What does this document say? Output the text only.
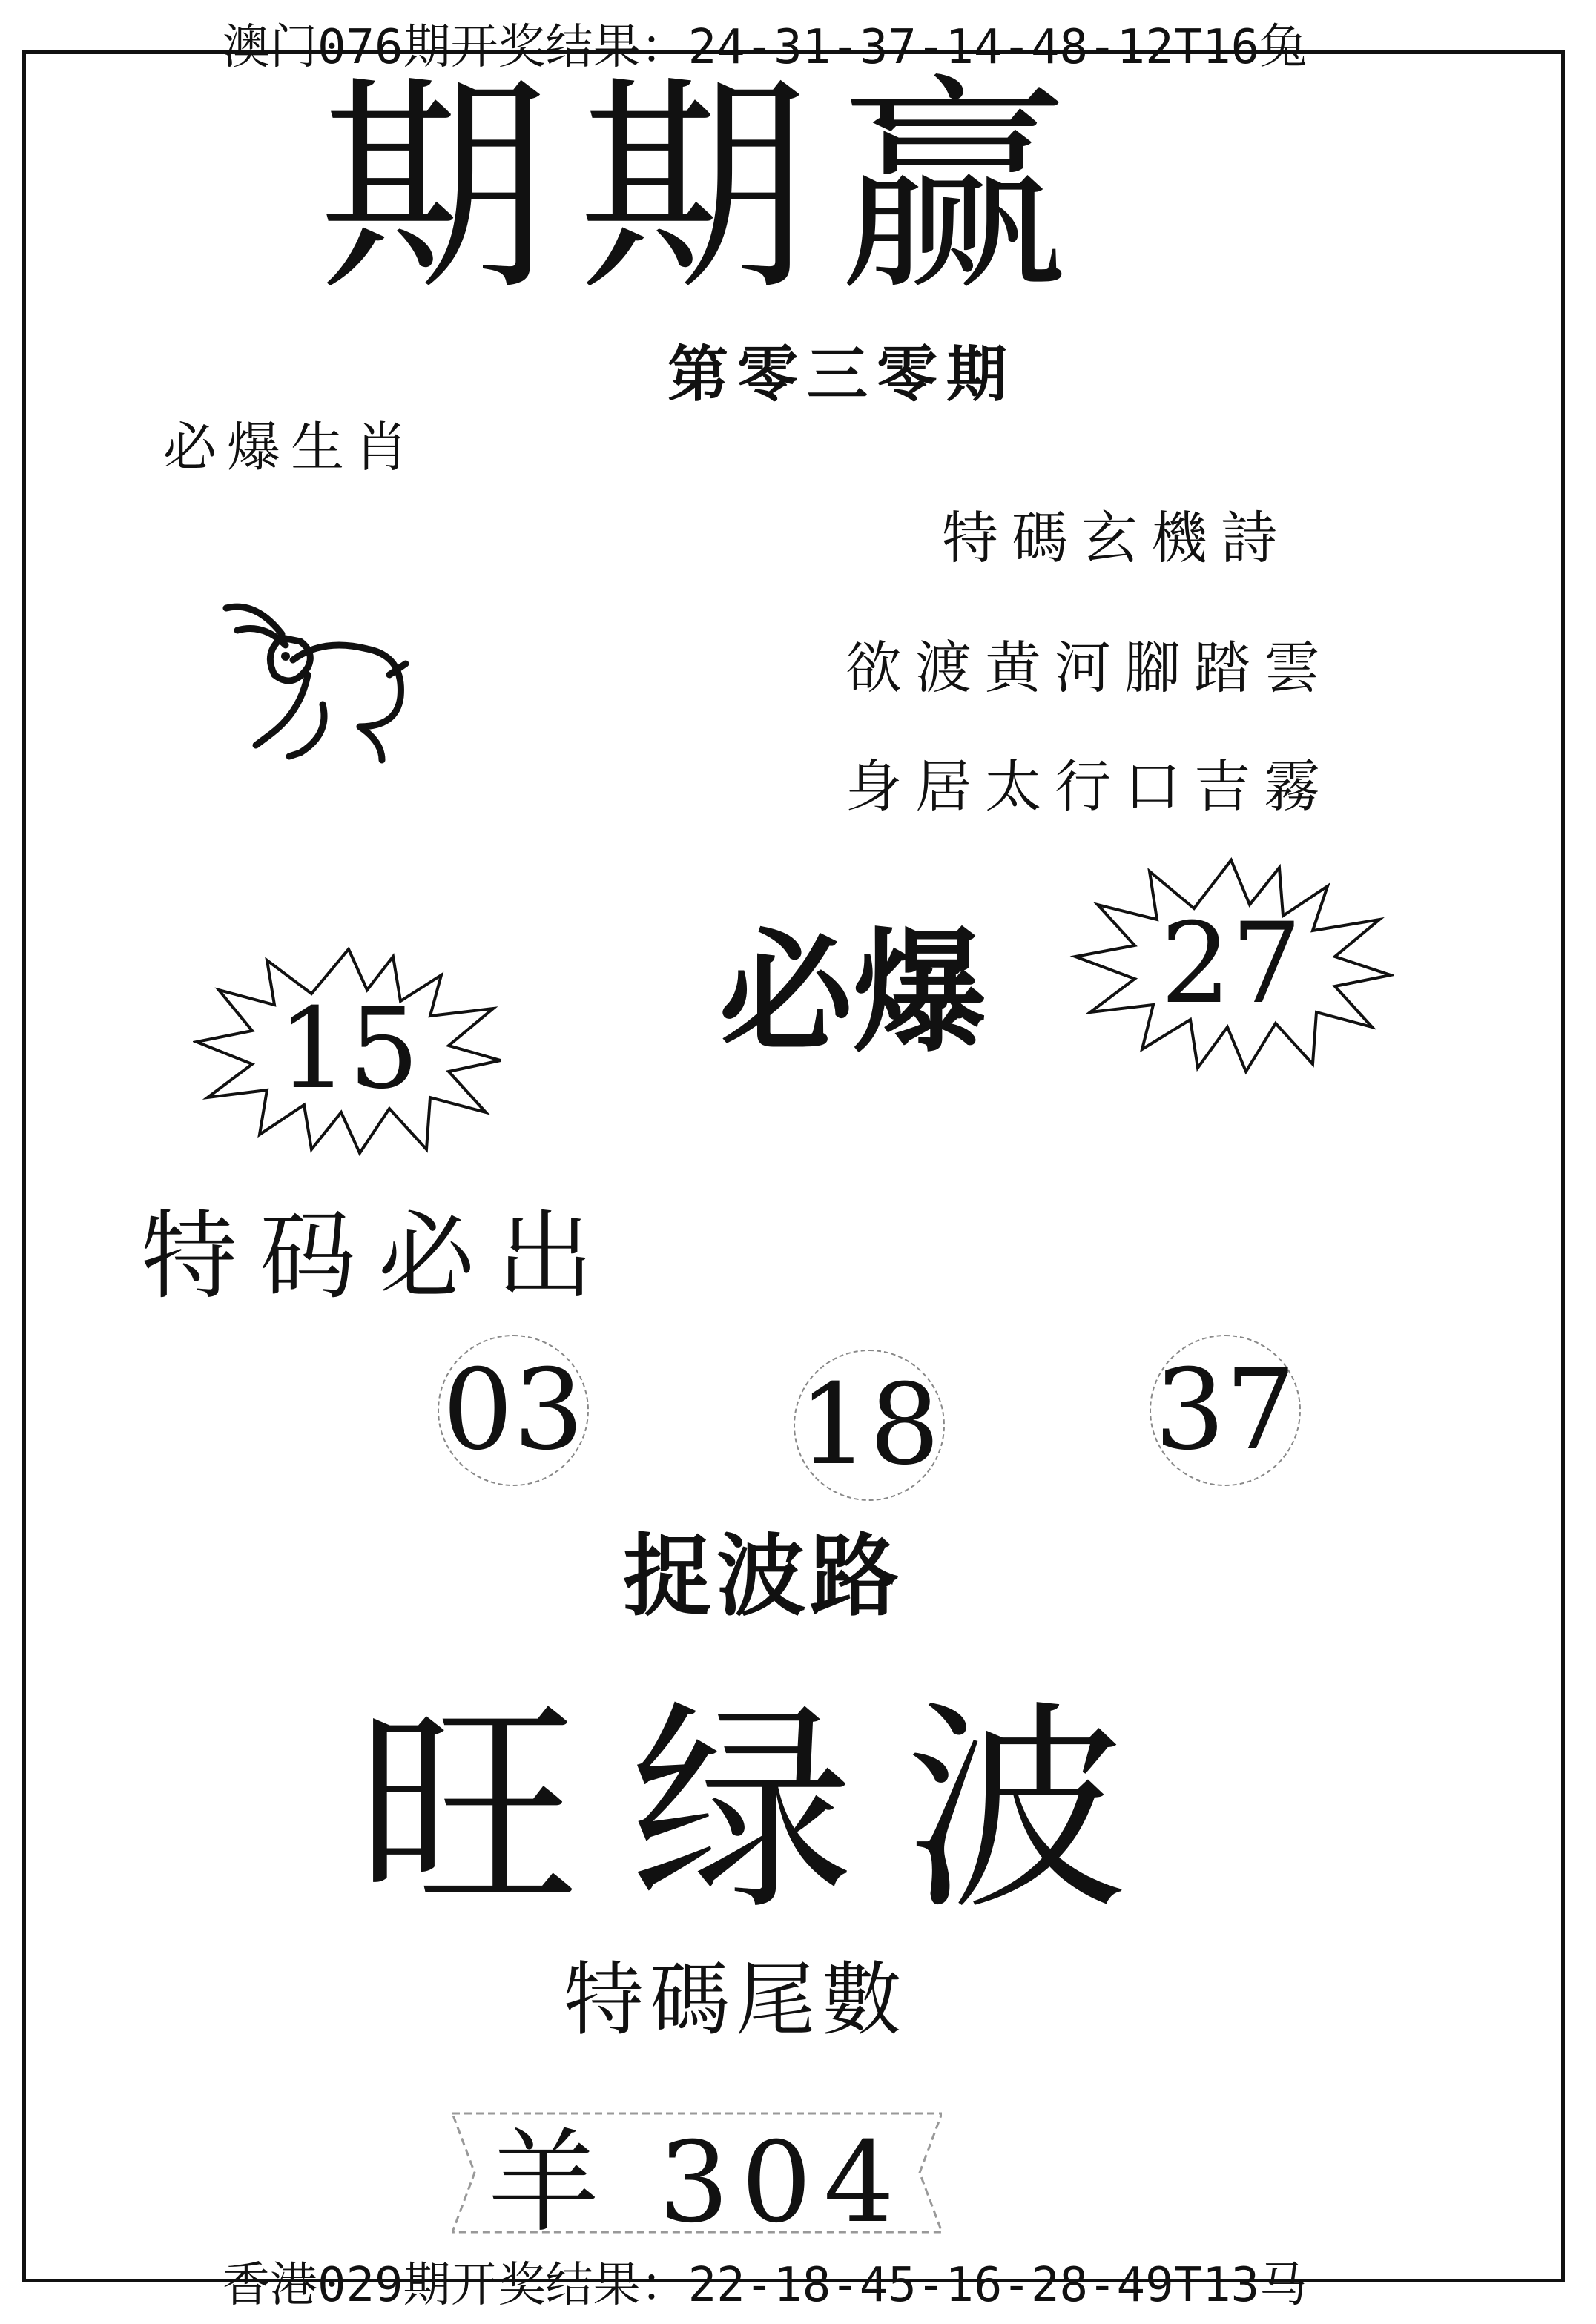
澳门076期开奖结果：24-31-37-14-48-12T16兔
期期赢
第零三零期
必爆生肖
特碼玄機詩
欲渡黄河腳踏雲
身居太行口吉霧
必爆	27
15
特码必出
03 18 37
捉波路
旺绿波
特碼尾數
羊 304
香港029期开奖结果：22-18-45-16-28-49T13马
